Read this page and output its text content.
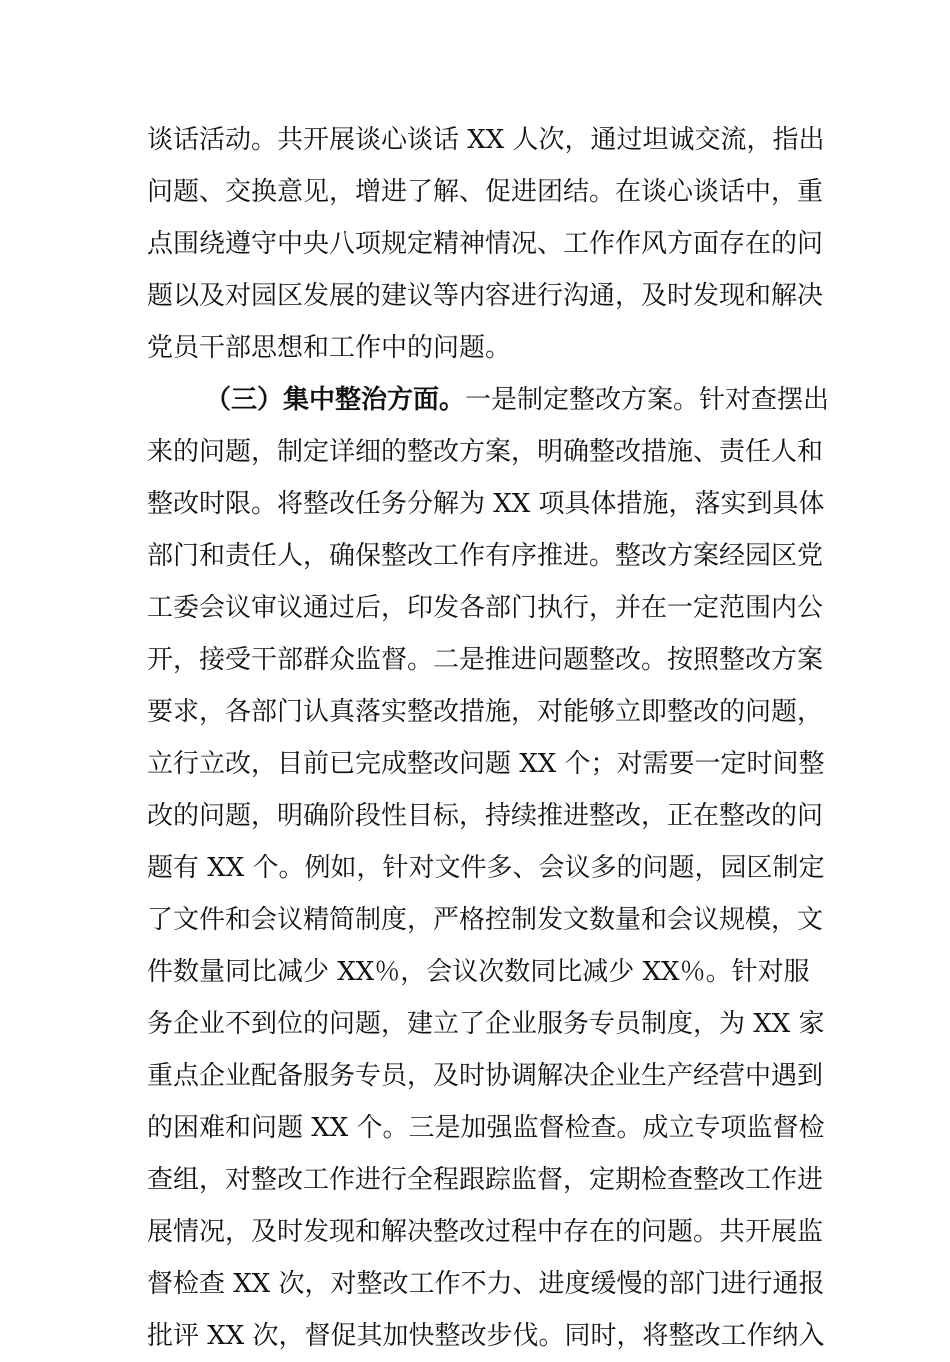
谈话活动。共开展谈心谈话 XX 人次，通过坦诚交流，指出
问题、交换意见，增进了解、促进团结。在谈心谈话中，重
点围绕遵守中央八项规定精神情况、工作作风方面存在的问
题以及对园区发展的建议等内容进行沟通，及时发现和解决
党员干部思想和工作中的问题。
（三）集中整治方面。一是制定整改方案。针对查摆出
来的问题，制定详细的整改方案，明确整改措施、责任人和
整改时限。将整改任务分解为 XX 项具体措施，落实到具体
部门和责任人，确保整改工作有序推进。整改方案经园区党
工委会议审议通过后，印发各部门执行，并在一定范围内公
开，接受干部群众监督。二是推进问题整改。按照整改方案
要求，各部门认真落实整改措施，对能够立即整改的问题，
立行立改，目前已完成整改问题 XX 个；对需要一定时间整
改的问题，明确阶段性目标，持续推进整改，正在整改的问
题有 XX 个。例如，针对文件多、会议多的问题，园区制定
了文件和会议精简制度，严格控制发文数量和会议规模，文
件数量同比减少 XX％，会议次数同比减少 XX％。针对服
务企业不到位的问题，建立了企业服务专员制度，为 XX 家
重点企业配备服务专员，及时协调解决企业生产经营中遇到
的困难和问题 XX 个。三是加强监督检查。成立专项监督检
查组，对整改工作进行全程跟踪监督，定期检查整改工作进
展情况，及时发现和解决整改过程中存在的问题。共开展监
督检查 XX 次，对整改工作不力、进度缓慢的部门进行通报
批评 XX 次，督促其加快整改步伐。同时，将整改工作纳入
